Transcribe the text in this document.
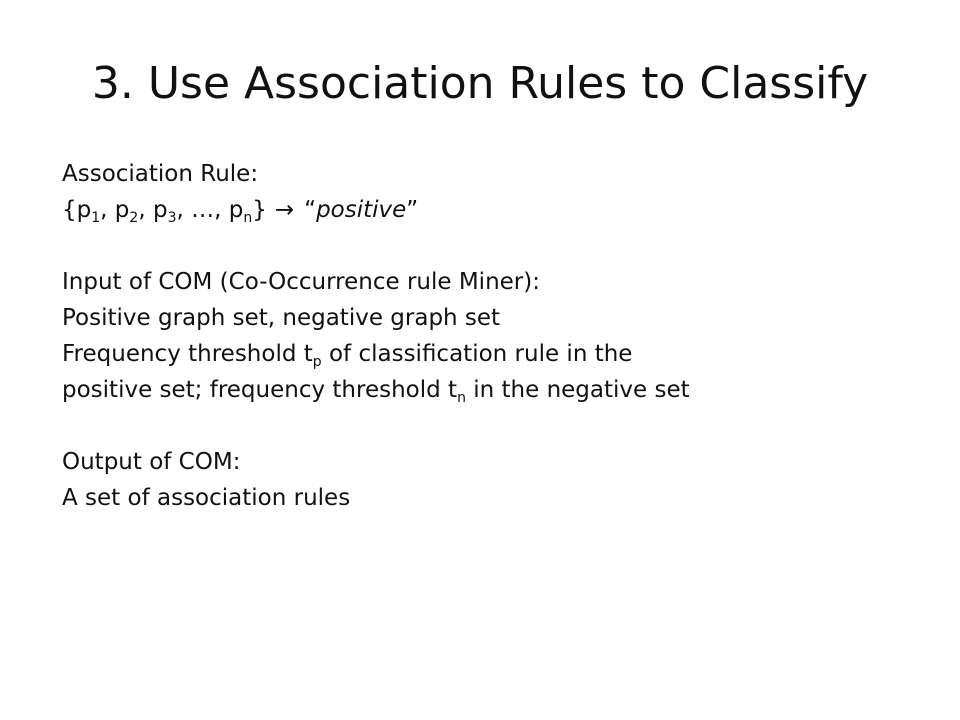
3. Use Association Rules to Classify
Association Rule:
{$p_1$, $p_2$, $p_3$, …, $p_n$} → “positive”
Input of COM (Co-Occurrence rule Miner):
Positive graph set, negative graph set
Frequency threshold $t_p$ of classification rule in the
positive set; frequency threshold $t_n$ in the negative set
Output of COM:
A set of association rules
